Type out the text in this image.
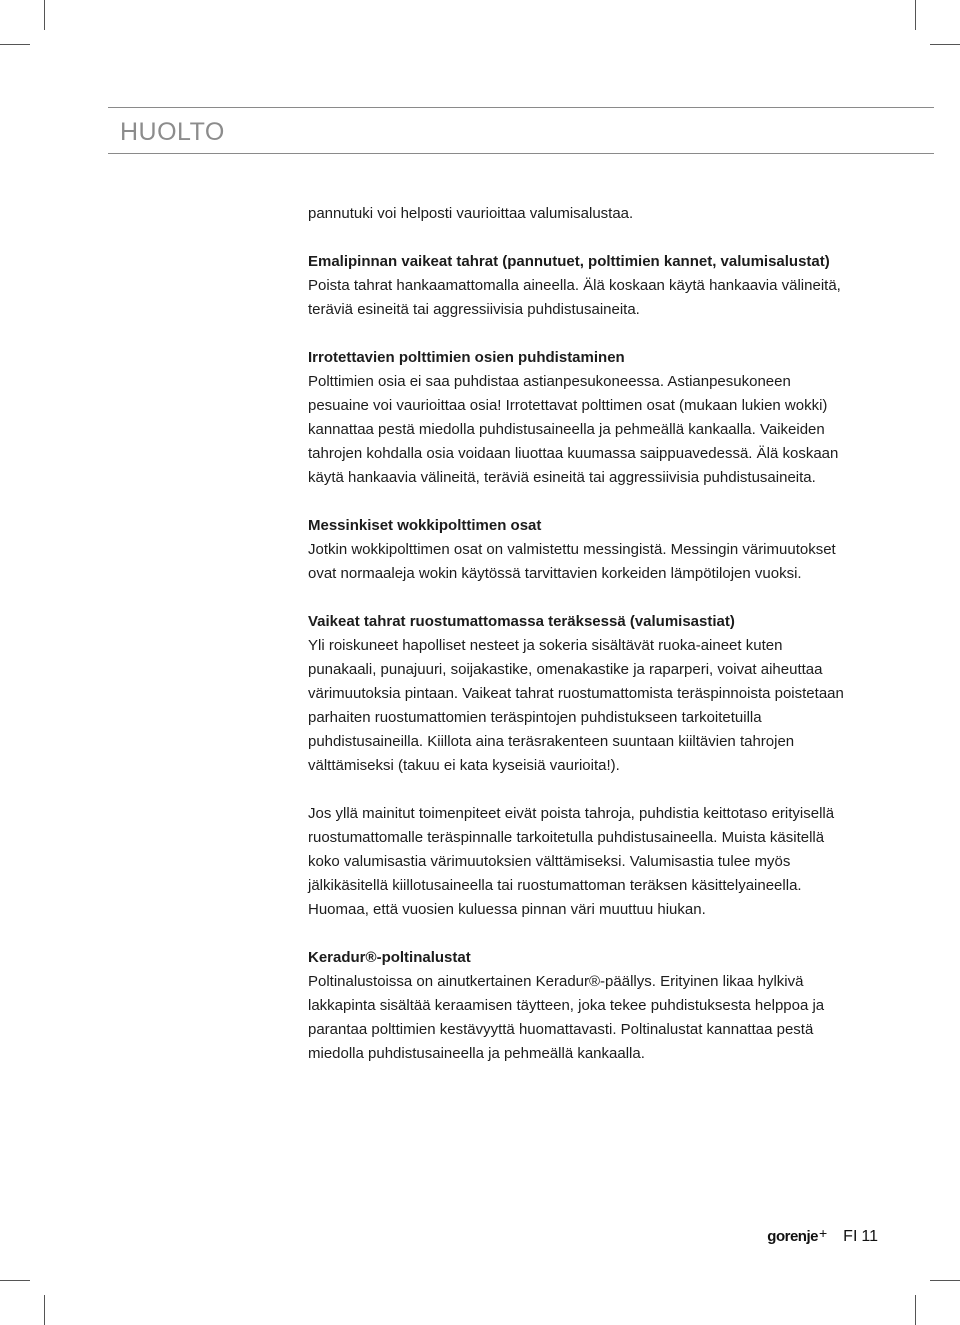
HUOLTO

pannutuki voi helposti vaurioittaa valumisalustaa.

Emalipinnan vaikeat tahrat (pannutuet, polttimien kannet, valumisalustat)

Poista tahrat hankaamattomalla aineella. Älä koskaan käytä hankaavia välineitä, teräviä esineitä tai aggressiivisia puhdistusaineita.

Irrotettavien polttimien osien puhdistaminen

Polttimien osia ei saa puhdistaa astianpesukoneessa. Astianpesukoneen pesuaine voi vaurioittaa osia! Irrotettavat polttimen osat (mukaan lukien wokki) kannattaa pestä miedolla puhdistusaineella ja pehmeällä kankaalla. Vaikeiden tahrojen kohdalla osia voidaan liuottaa kuumassa saippuavedessä. Älä koskaan käytä hankaavia välineitä, teräviä esineitä tai aggressiivisia puhdistusaineita.

Messinkiset wokkipolttimen osat

Jotkin wokkipolttimen osat on valmistettu messingistä. Messingin värimuutokset ovat normaaleja wokin käytössä tarvittavien korkeiden lämpötilojen vuoksi.

Vaikeat tahrat ruostumattomassa teräksessä (valumisastiat)

Yli roiskuneet hapolliset nesteet ja sokeria sisältävät ruoka-aineet kuten punakaali, punajuuri, soijakastike, omenakastike ja raparperi, voivat aiheuttaa värimuutoksia pintaan. Vaikeat tahrat ruostumattomista teräspinnoista poistetaan parhaiten ruostumattomien teräspintojen puhdistukseen tarkoitetuilla puhdistusaineilla. Kiillota aina teräsrakenteen suuntaan kiiltävien tahrojen välttämiseksi (takuu ei kata kyseisiä vaurioita!).

Jos yllä mainitut toimenpiteet eivät poista tahroja, puhdistia keittotaso erityisellä ruostumattomalle teräspinnalle tarkoitetulla puhdistusaineella. Muista käsitellä koko valumisastia värimuutoksien välttämiseksi. Valumisastia tulee myös jälkikäsitellä kiillotusaineella tai ruostumattoman teräksen käsittelyaineella. Huomaa, että vuosien kuluessa pinnan väri muuttuu hiukan.

Keradur®-poltinalustat

Poltinalustoissa on ainutkertainen Keradur®-päällys. Erityinen likaa hylkivä lakkapinta sisältää keraamisen täytteen, joka tekee puhdistuksesta helppoa ja parantaa polttimien kestävyyttä huomattavasti. Poltinalustat kannattaa pestä miedolla puhdistusaineella ja pehmeällä kankaalla.

gorenje + FI 11
